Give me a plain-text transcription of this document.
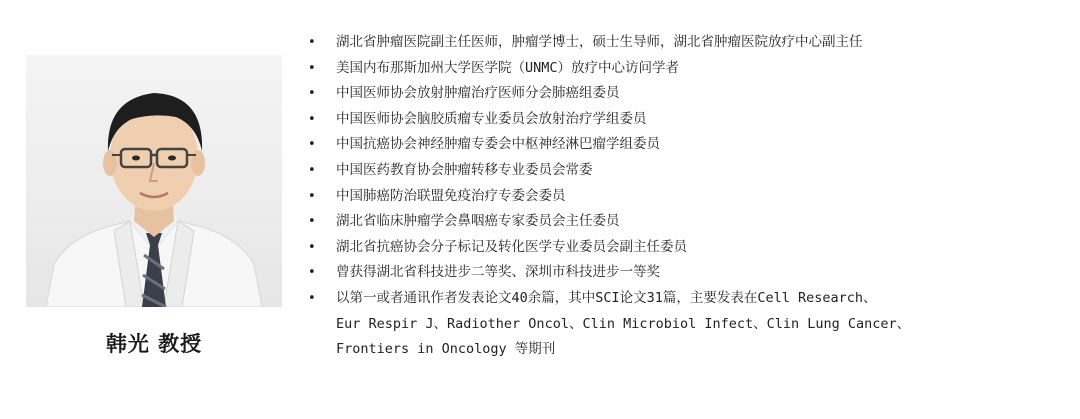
韩光 教授
• 湖北省肿瘤医院副主任医师，肿瘤学博士，硕士生导师，湖北省肿瘤医院放疗中心副主任
• 美国内布那斯加州大学医学院（UNMC）放疗中心访问学者
• 中国医师协会放射肿瘤治疗医师分会肺癌组委员
• 中国医师协会脑胶质瘤专业委员会放射治疗学组委员
• 中国抗癌协会神经肿瘤专委会中枢神经淋巴瘤学组委员
• 中国医药教育协会肿瘤转移专业委员会常委
• 中国肺癌防治联盟免疫治疗专委会委员
• 湖北省临床肿瘤学会鼻咽癌专家委员会主任委员
• 湖北省抗癌协会分子标记及转化医学专业委员会副主任委员
• 曾获得湖北省科技进步二等奖、深圳市科技进步一等奖
• 以第一或者通讯作者发表论文40余篇，其中SCI论文31篇，主要发表在Cell Research、
Eur Respir J、Radiother Oncol、Clin Microbiol Infect、Clin Lung Cancer、
Frontiers in Oncology 等期刊
